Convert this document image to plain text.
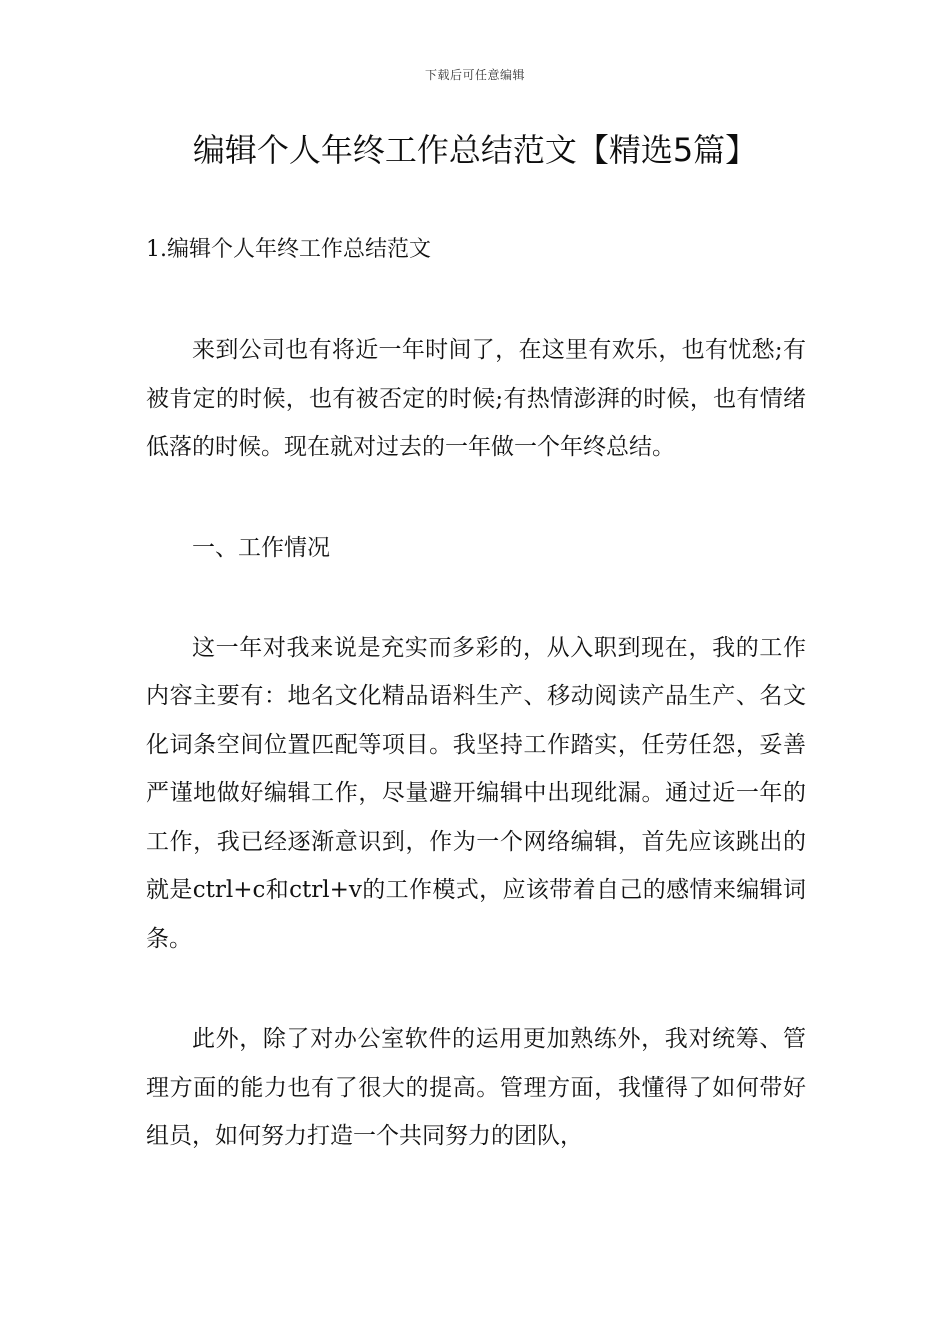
下载后可任意编辑
编辑个人年终工作总结范文【精选5篇】

1.编辑个人年终工作总结范文

来到公司也有将近一年时间了，在这里有欢乐，也有忧愁;有被肯定的时候，也有被否定的时候;有热情澎湃的时候，也有情绪低落的时候。现在就对过去的一年做一个年终总结。

一、工作情况

这一年对我来说是充实而多彩的，从入职到现在，我的工作内容主要有：地名文化精品语料生产、移动阅读产品生产、名文化词条空间位置匹配等项目。我坚持工作踏实，任劳任怨，妥善严谨地做好编辑工作，尽量避开编辑中出现纰漏。通过近一年的工作，我已经逐渐意识到，作为一个网络编辑，首先应该跳出的就是ctrl+c和ctrl+v的工作模式，应该带着自己的感情来编辑词条。

此外，除了对办公室软件的运用更加熟练外，我对统筹、管理方面的能力也有了很大的提高。管理方面，我懂得了如何带好组员，如何努力打造一个共同努力的团队，
